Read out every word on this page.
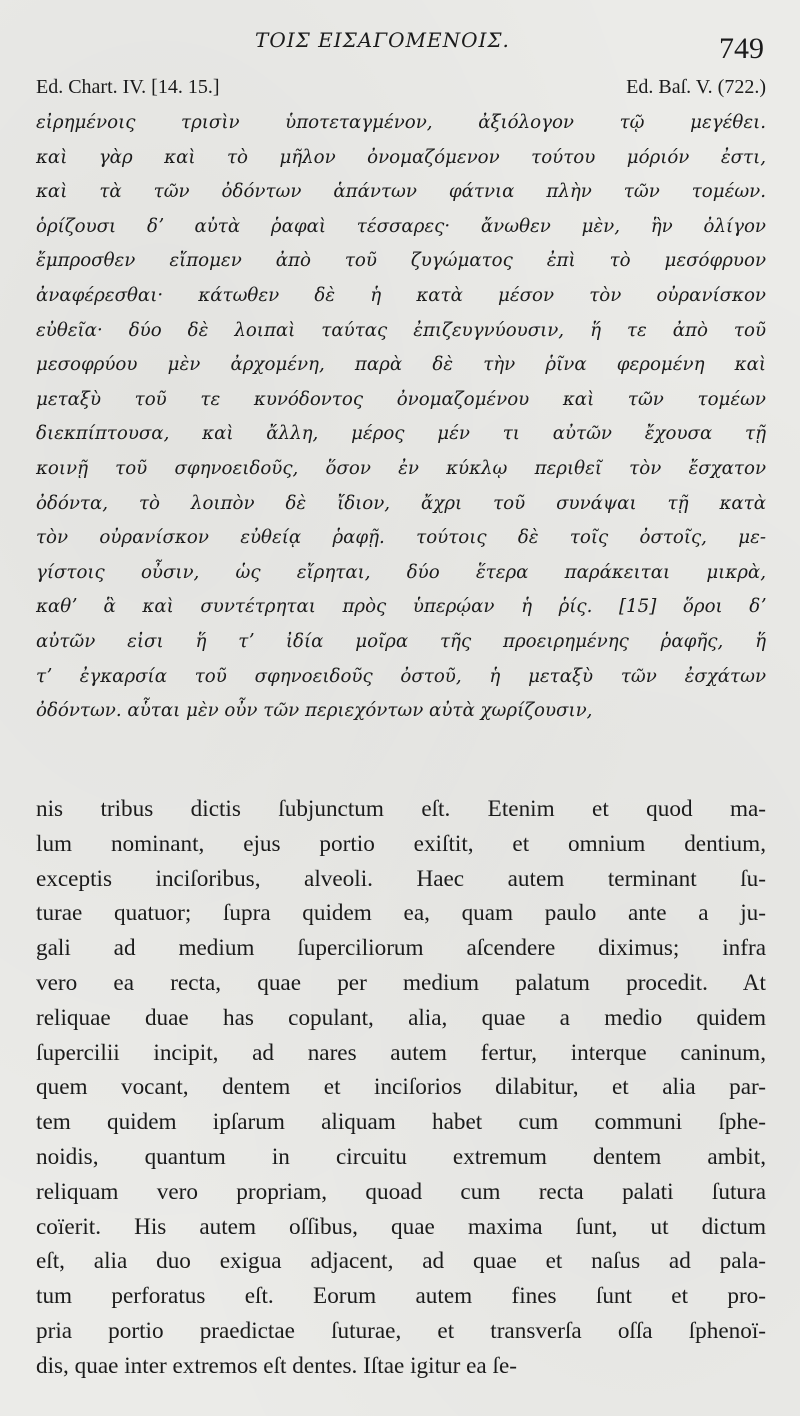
ΤΟΙΣ ΕΙΣΑΓΟΜΕΝΟΙΣ.	749
Ed. Chart. IV. [14. 15.]	Ed. Baſ. V. (722.)
εἰρημένοις τρισὶν ὑποτεταγμένον, ἀξιόλογον τῷ μεγέθει.
καὶ γὰρ καὶ τὸ μῆλον ὀνομαζόμενον τούτου μόριόν ἐστι,
καὶ τὰ τῶν ὀδόντων ἁπάντων φάτνια πλὴν τῶν τομέων.
ὁρίζουσι δʼ αὐτὰ ῥαφαὶ τέσσαρες· ἄνωθεν μὲν, ἣν ὀλίγον
ἔμπροσθεν εἴπομεν ἀπὸ τοῦ ζυγώματος ἐπὶ τὸ μεσόφρυον
ἀναφέρεσθαι· κάτωθεν δὲ ἡ κατὰ μέσον τὸν οὐρανίσκον
εὐθεῖα· δύο δὲ λοιπαὶ ταύτας ἐπιζευγνύουσιν, ἥ τε ἀπὸ τοῦ
μεσοφρύου μὲν ἀρχομένη, παρὰ δὲ τὴν ῥῖνα φερομένη καὶ
μεταξὺ τοῦ τε κυνόδοντος ὀνομαζομένου καὶ τῶν τομέων
διεκπίπτουσα, καὶ ἄλλη, μέρος μέν τι αὐτῶν ἔχουσα τῇ
κοινῇ τοῦ σφηνοειδοῦς, ὅσον ἐν κύκλῳ περιθεῖ τὸν ἔσχατον
ὀδόντα, τὸ λοιπὸν δὲ ἴδιον, ἄχρι τοῦ συνάψαι τῇ κατὰ
τὸν οὐρανίσκον εὐθείᾳ ῥαφῇ. τούτοις δὲ τοῖς ὀστοῖς, με-
γίστοις οὖσιν, ὡς εἴρηται, δύο ἕτερα παράκειται μικρὰ,
καθʼ ἃ καὶ συντέτρηται πρὸς ὑπερῴαν ἡ ῥίς. [15] ὅροι δʼ
αὐτῶν εἰσι ἥ τʼ ἰδία μοῖρα τῆς προειρημένης ῥαφῆς, ἥ
τʼ ἐγκαρσία τοῦ σφηνοειδοῦς ὀστοῦ, ἡ μεταξὺ τῶν ἐσχάτων
ὀδόντων. αὗται μὲν οὖν τῶν περιεχόντων αὐτὰ χωρίζουσιν,
nis tribus dictis ſubjunctum eſt. Etenim et quod ma-
lum nominant, ejus portio exiſtit, et omnium dentium,
exceptis inciſoribus, alveoli. Haec autem terminant ſu-
turae quatuor; ſupra quidem ea, quam paulo ante a ju-
gali ad medium ſuperciliorum aſcendere diximus; infra
vero ea recta, quae per medium palatum procedit. At
reliquae duae has copulant, alia, quae a medio quidem
ſupercilii incipit, ad nares autem fertur, interque caninum,
quem vocant, dentem et inciſorios dilabitur, et alia par-
tem quidem ipſarum aliquam habet cum communi ſphe-
noidis, quantum in circuitu extremum dentem ambit,
reliquam vero propriam, quoad cum recta palati ſutura
coïerit. His autem oſſibus, quae maxima ſunt, ut dictum
eſt, alia duo exigua adjacent, ad quae et naſus ad pala-
tum perforatus eſt. Eorum autem fines ſunt et pro-
pria portio praedictae ſuturae, et transverſa oſſa ſphenoï-
dis, quae inter extremos eſt dentes. Iſtae igitur ea ſe-
